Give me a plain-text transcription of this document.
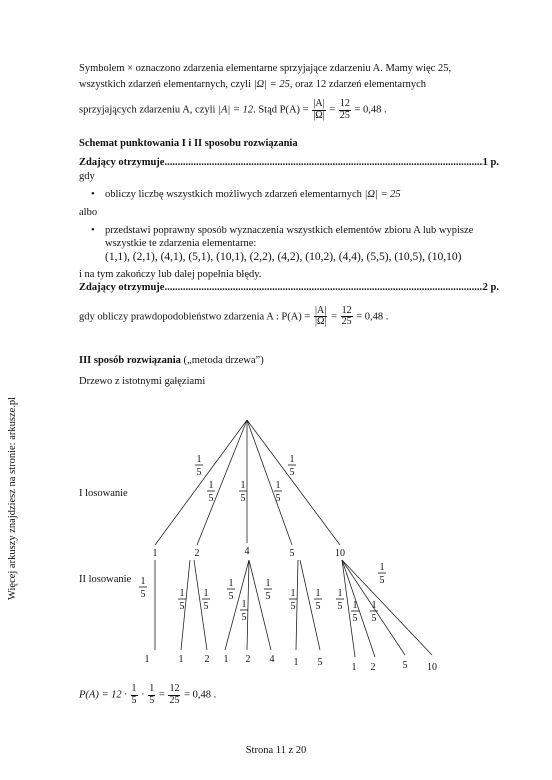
Więcej arkuszy znajdziesz na stronie: arkusze.pl

Symbolem × oznaczono zdarzenia elementarne sprzyjające zdarzeniu A. Mamy więc 25,

wszystkich zdarzeń elementarnych, czyli |Ω| = 25, oraz 12 zdarzeń elementarnych

sprzyjających zdarzeniu A, czyli |A| = 12. Stąd $P(A) = \frac{|A|}{|\Omega|} = \frac{12}{25} = 0,48$ .

Schemat punktowania I i II sposobu rozwiązania

Zdający otrzymuje .....	1 p.

gdy

• obliczy liczbę wszystkich możliwych zdarzeń elementarnych |Ω| = 25

albo

• przedstawi poprawny sposób wyznaczenia wszystkich elementów zbioru A lub wypisze
wszystkie te zdarzenia elementarne:
(1,1), (2,1), (4,1), (5,1), (10,1), (2,2), (4,2), (10,2), (4,4), (5,5), (10,5), (10,10)

i na tym zakończy lub dalej popełnia błędy.

Zdający otrzymuje .....	2 p.

gdy obliczy prawdopodobieństwo zdarzenia A : $P(A) = \frac{|A|}{|\Omega|} = \frac{12}{25} = 0,48$ .

III sposób rozwiązania („metoda drzewa”)

Drzewo z istotnymi gałęziami

I losowanie
II losowanie
1	2	4	5	10
1
5
1
5
1
5
1
5
1
5
1
5	1
5
1
5
1
5
1
5
1
5
1
5
1
5
1
5 1
5
1
5
1
5
1	1 2 1 2 4 1 5	1 2	5 10
$P(A) = 12 \cdot \frac{1}{5} \cdot \frac{1}{5} = \frac{12}{25} = 0,48$ .
Strona 11 z 20
